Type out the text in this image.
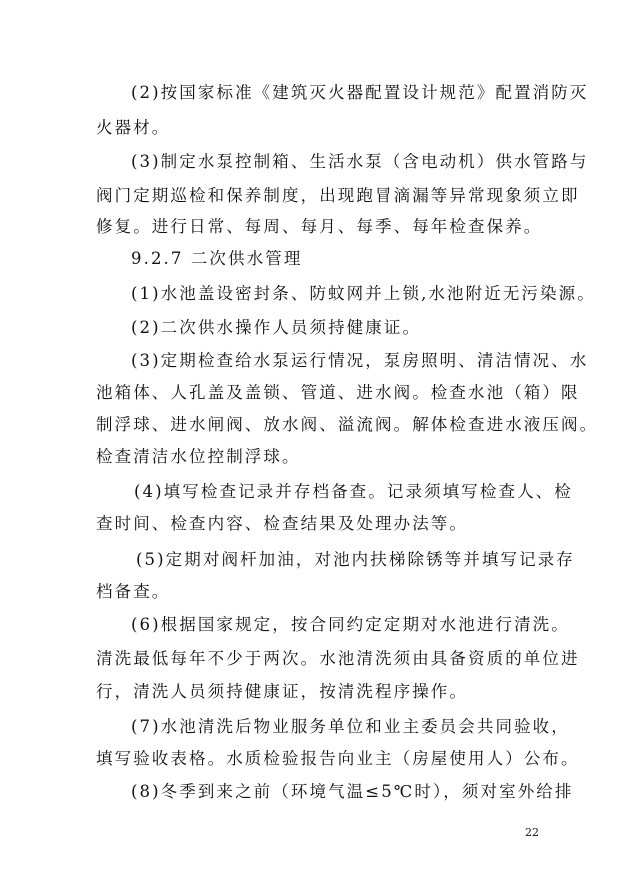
(2)按国家标准《建筑灭火器配置设计规范》配置消防灭
火器材。
(3)制定水泵控制箱、生活水泵（含电动机）供水管路与
阀门定期巡检和保养制度，出现跑冒滴漏等异常现象须立即
修复。进行日常、每周、每月、每季、每年检查保养。
9.2.7 二次供水管理
(1)水池盖设密封条、防蚊网并上锁,水池附近无污染源。
(2)二次供水操作人员须持健康证。
(3)定期检查给水泵运行情况，泵房照明、清洁情况、水
池箱体、人孔盖及盖锁、管道、进水阀。检查水池（箱）限
制浮球、进水闸阀、放水阀、溢流阀。解体检查进水液压阀。
检查清洁水位控制浮球。
(4)填写检查记录并存档备查。记录须填写检查人、检
查时间、检查内容、检查结果及处理办法等。
(5)定期对阀杆加油，对池内扶梯除锈等并填写记录存
档备查。
(6)根据国家规定，按合同约定定期对水池进行清洗。
清洗最低每年不少于两次。水池清洗须由具备资质的单位进
行，清洗人员须持健康证，按清洗程序操作。
(7)水池清洗后物业服务单位和业主委员会共同验收，
填写验收表格。水质检验报告向业主（房屋使用人）公布。
(8)冬季到来之前（环境气温≤5℃时），须对室外给排
22
